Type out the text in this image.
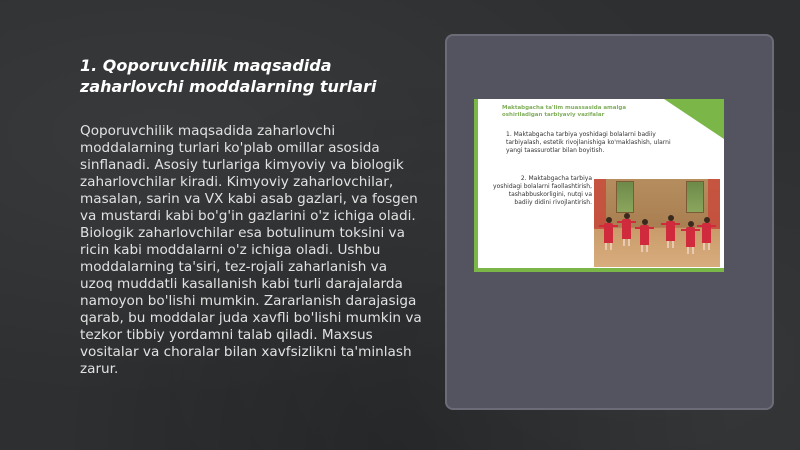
1. Qoporuvchilik maqsadida zaharlovchi moddalarning turlari

Qoporuvchilik maqsadida zaharlovchi moddalarning turlari ko'plab omillar asosida sinflanadi. Asosiy turlariga kimyoviy va biologik zaharlovchilar kiradi. Kimyoviy zaharlovchilar, masalan, sarin va VX kabi asab gazlari, va fosgen va mustardi kabi bo'g'in gazlarini o'z ichiga oladi. Biologik zaharlovchilar esa botulinum toksini va ricin kabi moddalarni o'z ichiga oladi. Ushbu moddalarning ta'siri, tez-rojali zaharlanish va uzoq muddatli kasallanish kabi turli darajalarda namoyon bo'lishi mumkin. Zararlanish darajasiga qarab, bu moddalar juda xavfli bo'lishi mumkin va tezkor tibbiy yordamni talab qiladi. Maxsus vositalar va choralar bilan xavfsizlikni ta'minlash zarur.

Maktabgacha ta'lim muassasida amalga oshiriladigan tarbiyaviy vazifalar
1. Maktabgacha tarbiya yoshidagi bolalarni badiiy tarbiyalash, estetik rivojlanishiga ko'maklashish, ularni yangi taassurotlar bilan boyitish.
2. Maktabgacha tarbiya yoshidagi bolalarni faollashtirish, tashabbuskorligini, nutqi va badiiy didini rivojlantirish.
